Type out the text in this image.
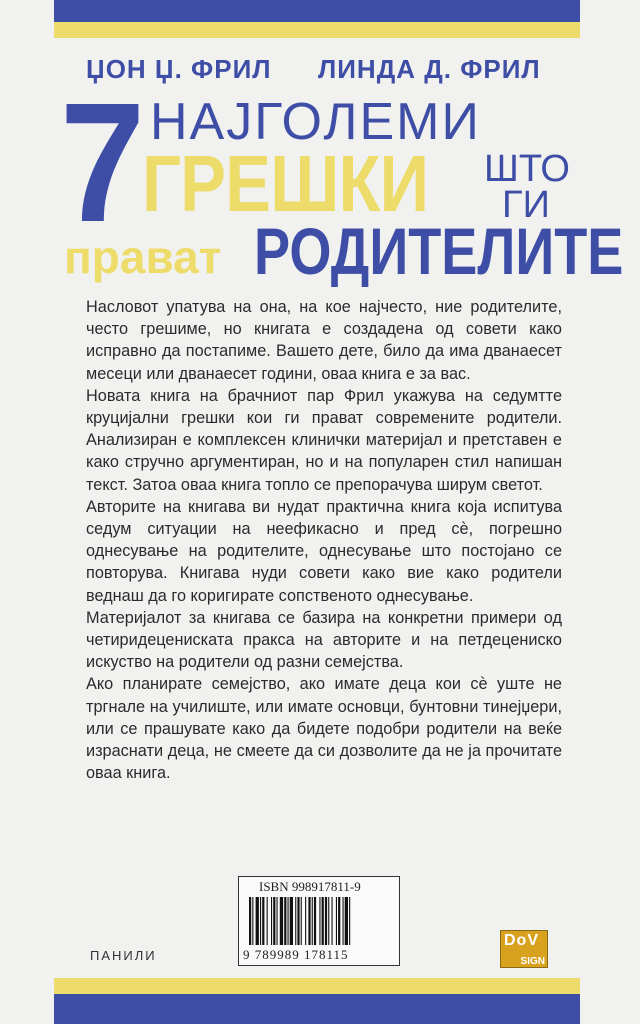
ЏОН Џ. ФРИЛ ЛИНДА Д. ФРИЛ
7 НАЈГОЛЕМИ
ГРЕШКИ ШТО
ГИ
прават РОДИТЕЛИТЕ

Насловот упатува на она, на кое најчесто, ние родителите, често грешиме, но книгата е создадена од совети како исправно да постапиме. Вашето дете, било да има дванаесет месеци или дванаесет години, оваа книга е за вас.

Новата книга на брачниот пар Фрил укажува на седумтте круцијални грешки кои ги прават современите родители. Анализиран е комплексен клинички материјал и претставен е како стручно аргументиран, но и на популарен стил напишан текст. Затоа оваа книга топло се препорачува ширум светот.

Авторите на книгава ви нудат практична книга која испитува седум ситуации на неефикасно и пред сѐ, погрешно однесување на родителите, однесување што постојано се повторува. Книгава нуди совети како вие како родители веднаш да го коригирате сопственото однесување.

Материјалот за книгава се базира на конкретни примери од четиридецениската пракса на авторите и на петдецениско искуство на родители од разни семејства.

Ако планирате семејство, ако имате деца кои сѐ уште не тргнале на училиште, или имате основци, бунтовни тинејџери, или се прашувате како да бидете подобри родители на веќе израснати деца, не смеете да си дозволите да не ја прочитате оваа книга.

ISBN 998917811-9
9 789989 178115
ПАНИЛИ
DoV
SIGN
